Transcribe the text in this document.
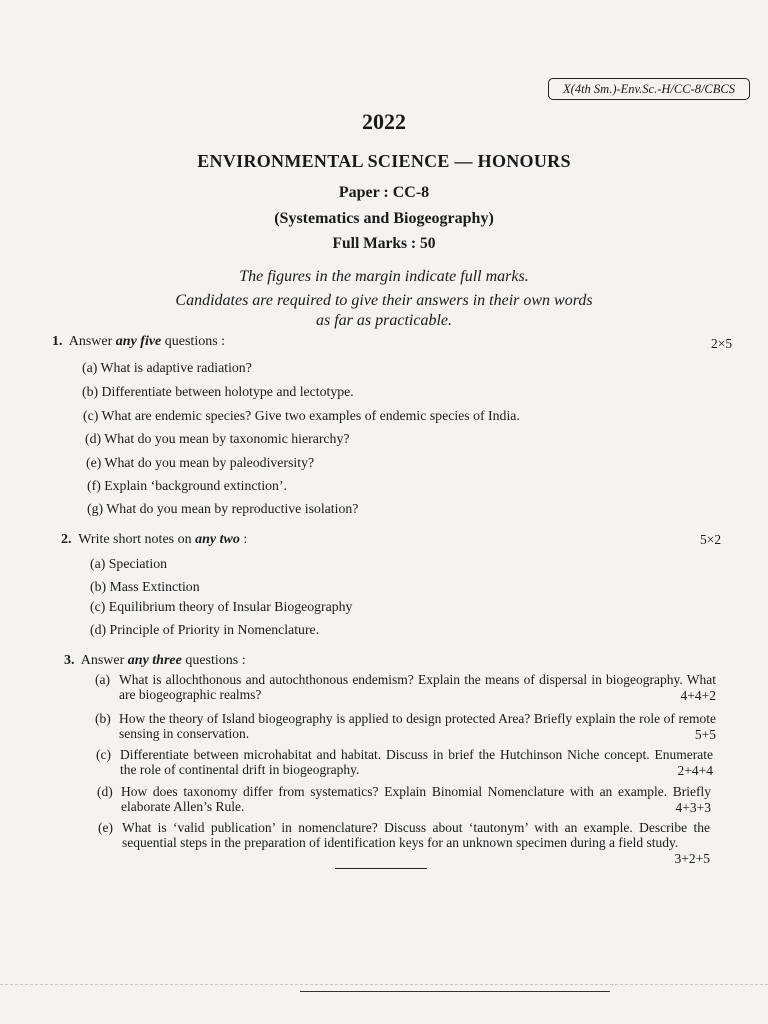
X(4th Sm.)-Env.Sc.-H/CC-8/CBCS
2022
ENVIRONMENTAL SCIENCE — HONOURS
Paper : CC-8
(Systematics and Biogeography)
Full Marks : 50
The figures in the margin indicate full marks.
Candidates are required to give their answers in their own words
as far as practicable.
1. Answer any five questions :	2×5
(a) What is adaptive radiation?
(b) Differentiate between holotype and lectotype.
(c) What are endemic species? Give two examples of endemic species of India.
(d) What do you mean by taxonomic hierarchy?
(e) What do you mean by paleodiversity?
(f) Explain ‘background extinction’.
(g) What do you mean by reproductive isolation?
2. Write short notes on any two :	5×2
(a) Speciation
(b) Mass Extinction
(c) Equilibrium theory of Insular Biogeography
(d) Principle of Priority in Nomenclature.
3. Answer any three questions :
(a) What is allochthonous and autochthonous endemism? Explain the means of dispersal in biogeography. What are biogeographic realms?	4+4+2
(b) How the theory of Island biogeography is applied to design protected Area? Briefly explain the role of remote sensing in conservation.	5+5
(c) Differentiate between microhabitat and habitat. Discuss in brief the Hutchinson Niche concept. Enumerate the role of continental drift in biogeography.	2+4+4
(d) How does taxonomy differ from systematics? Explain Binomial Nomenclature with an example. Briefly elaborate Allen’s Rule.	4+3+3
(e) What is ‘valid publication’ in nomenclature? Discuss about ‘tautonym’ with an example. Describe the sequential steps in the preparation of identification keys for an unknown specimen during a field study.
3+2+5
